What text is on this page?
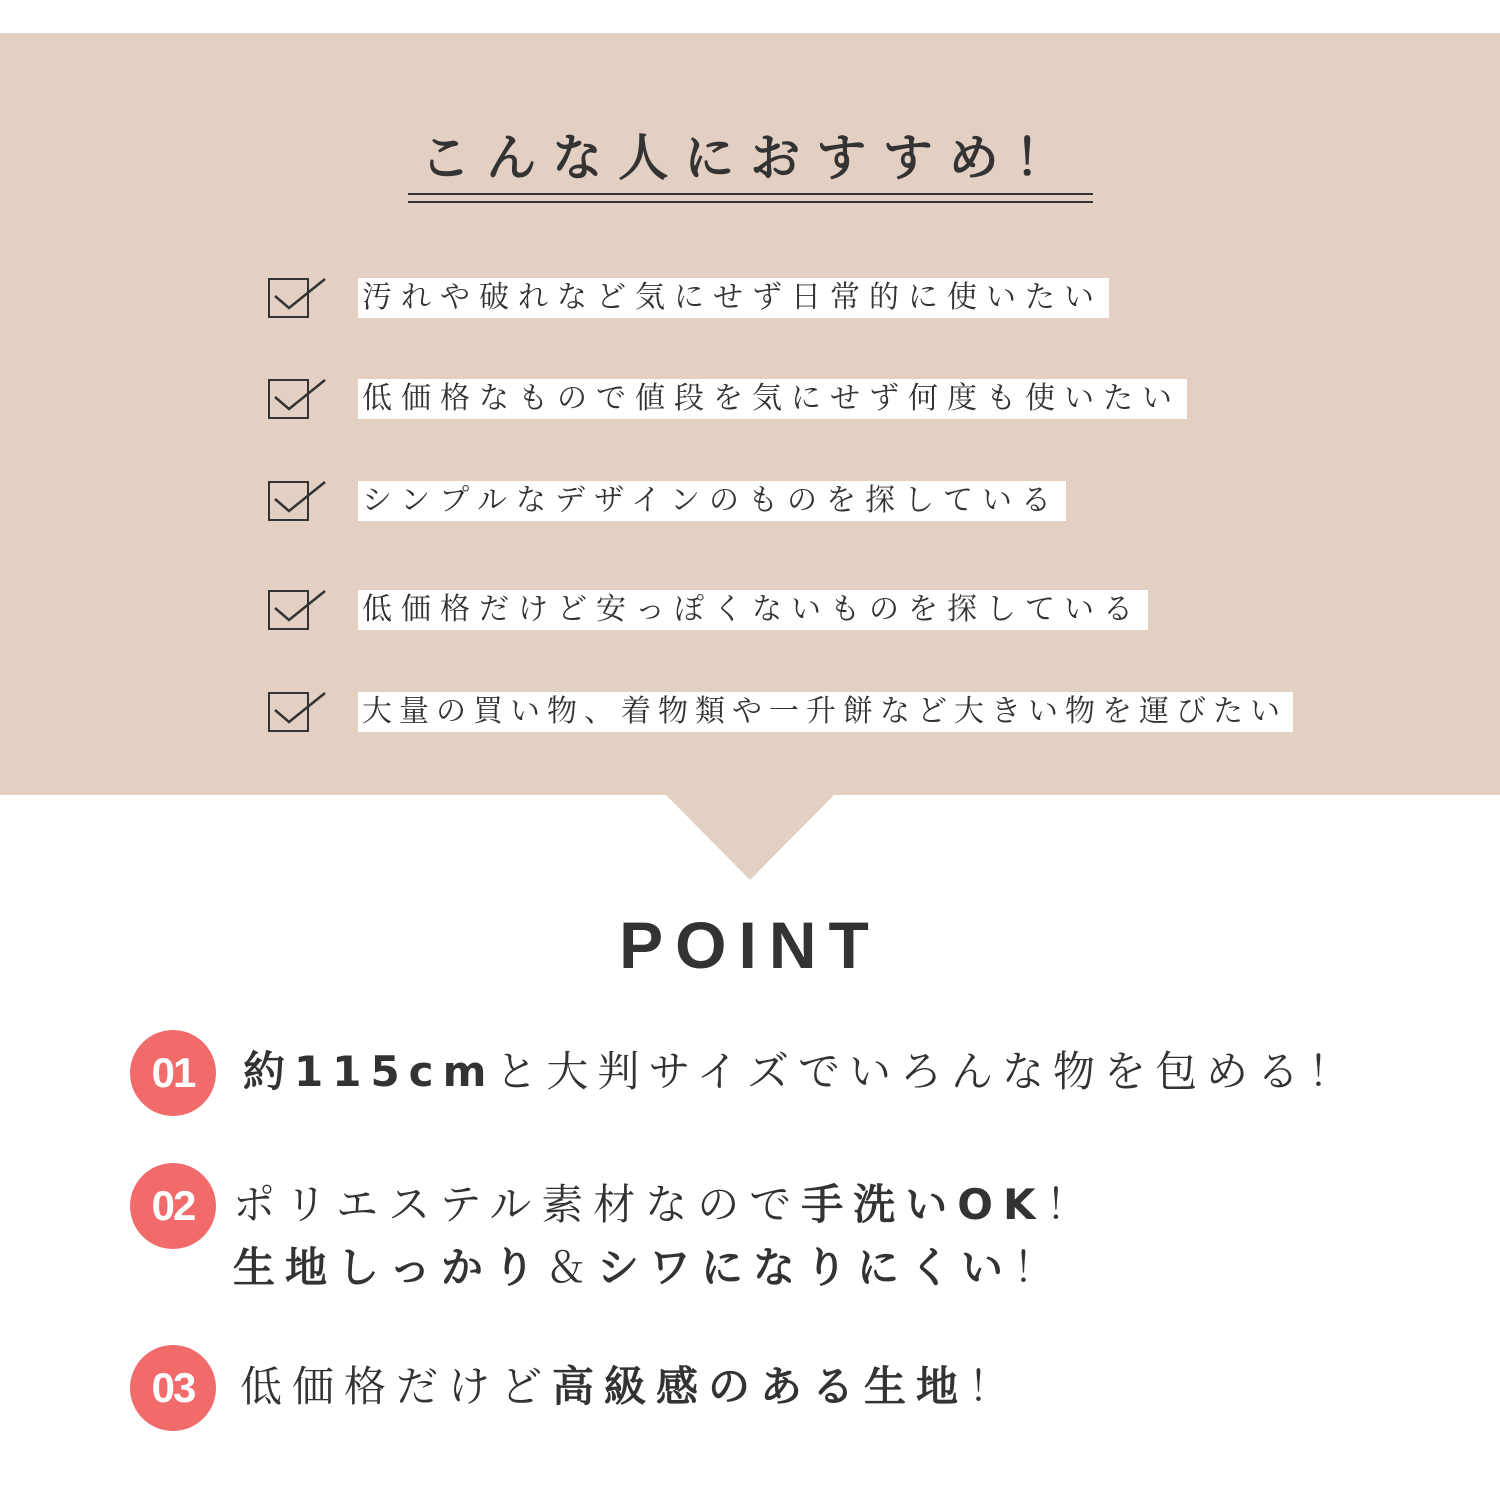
こんな人におすすめ！
汚れや破れなど気にせず日常的に使いたい
低価格なもので値段を気にせず何度も使いたい
シンプルなデザインのものを探している
低価格だけど安っぽくないものを探している
大量の買い物、着物類や一升餅など大きい物を運びたい
POINT
01	約115cmと大判サイズでいろんな物を包める！
02 ポリエステル素材なので手洗いOK！
生地しっかり＆シワになりにくい！
03	低価格だけど高級感のある生地！
